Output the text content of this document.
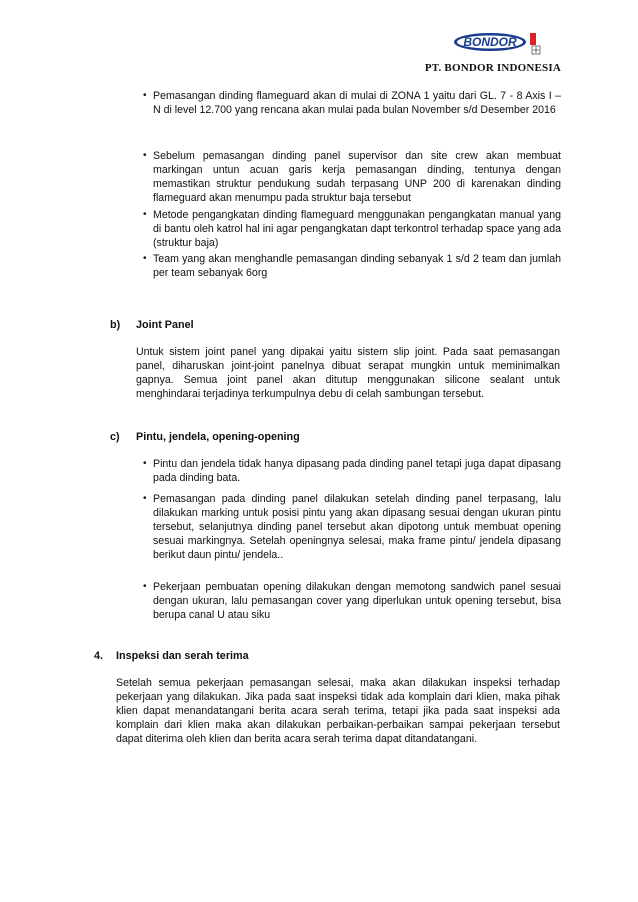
BONDOR
PT. BONDOR INDONESIA
• Pemasangan dinding flameguard akan di mulai di ZONA 1 yaitu dari GL. 7 - 8 Axis I – N di level 12.700 yang rencana akan mulai pada bulan November s/d Desember 2016
• Sebelum pemasangan dinding panel supervisor dan site crew akan membuat markingan untun acuan garis kerja pemasangan dinding, tentunya dengan memastikan struktur pendukung sudah terpasang UNP 200 di karenakan dinding flameguard akan menumpu pada struktur baja tersebut
• Metode pengangkatan dinding flameguard menggunakan pengangkatan manual yang di bantu oleh katrol hal ini agar pengangkatan dapt terkontrol terhadap space yang ada (struktur baja)
• Team yang akan menghandle pemasangan dinding sebanyak 1 s/d 2 team dan jumlah per team sebanyak 6org
b) Joint Panel
Untuk sistem joint panel yang dipakai yaitu sistem slip joint. Pada saat pemasangan panel, diharuskan joint-joint panelnya dibuat serapat mungkin untuk meminimalkan gapnya. Semua joint panel akan ditutup menggunakan silicone sealant untuk menghindarai terjadinya terkumpulnya debu di celah sambungan tersebut.
c) Pintu, jendela, opening-opening
• Pintu dan jendela tidak hanya dipasang pada dinding panel tetapi juga dapat dipasang pada dinding bata.
• Pemasangan pada dinding panel dilakukan setelah dinding panel terpasang, lalu dilakukan marking untuk posisi pintu yang akan dipasang sesuai dengan ukuran pintu tersebut, selanjutnya dinding panel tersebut akan dipotong untuk membuat opening sesuai markingnya. Setelah openingnya selesai, maka frame pintu/ jendela dipasang berikut daun pintu/ jendela..
• Pekerjaan pembuatan opening dilakukan dengan memotong sandwich panel sesuai dengan ukuran, lalu pemasangan cover yang diperlukan untuk opening tersebut, bisa berupa canal U atau siku
4. Inspeksi dan serah terima
Setelah semua pekerjaan pemasangan selesai, maka akan dilakukan inspeksi terhadap pekerjaan yang dilakukan. Jika pada saat inspeksi tidak ada komplain dari klien, maka pihak klien dapat menandatangani berita acara serah terima, tetapi jika pada saat inspeksi ada komplain dari klien maka akan dilakukan perbaikan-perbaikan sampai pekerjaan tersebut dapat diterima oleh klien dan berita acara serah terima dapat ditandatangani.
